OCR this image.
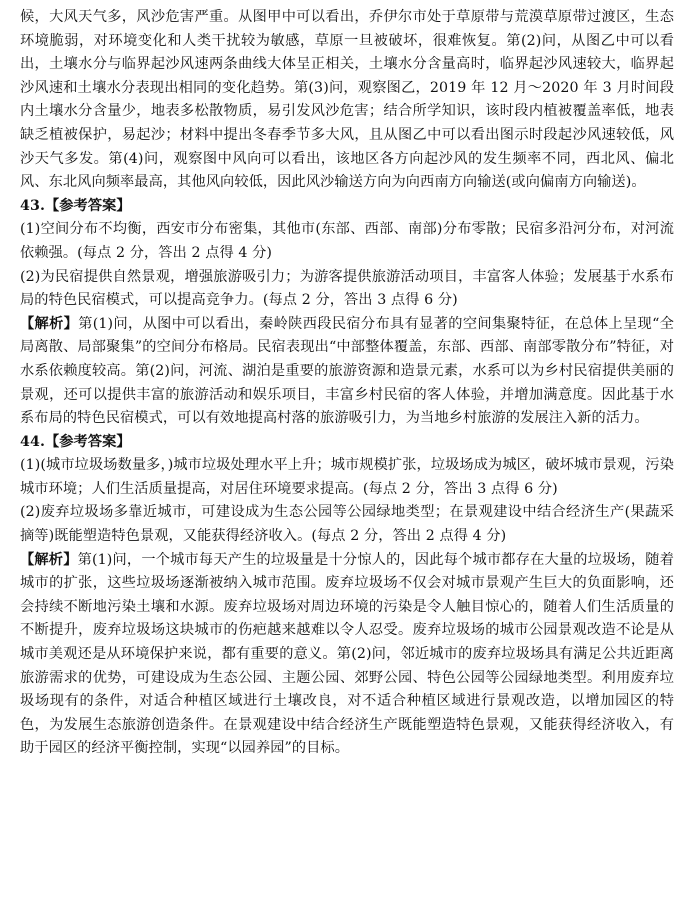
候，大风天气多，风沙危害严重。从图甲中可以看出，乔伊尔市处于草原带与荒漠草原带过渡区，生态环境脆弱，对环境变化和人类干扰较为敏感，草原一旦被破坏，很难恢复。第(2)问，从图乙中可以看出，土壤水分与临界起沙风速两条曲线大体呈正相关，土壤水分含量高时，临界起沙风速较大，临界起沙风速和土壤水分表现出相同的变化趋势。第(3)问，观察图乙，2019 年 12 月～2020 年 3 月时间段内土壤水分含量少，地表多松散物质，易引发风沙危害；结合所学知识，该时段内植被覆盖率低，地表缺乏植被保护，易起沙；材料中提出冬春季节多大风，且从图乙中可以看出图示时段起沙风速较低，风沙天气多发。第(4)问，观察图中风向可以看出，该地区各方向起沙风的发生频率不同，西北风、偏北风、东北风向频率最高，其他风向较低，因此风沙输送方向为向西南方向输送(或向偏南方向输送)。

43.【参考答案】

(1)空间分布不均衡，西安市分布密集，其他市(东部、西部、南部)分布零散；民宿多沿河分布，对河流依赖强。(每点 2 分，答出 2 点得 4 分)

(2)为民宿提供自然景观，增强旅游吸引力；为游客提供旅游活动项目，丰富客人体验；发展基于水系布局的特色民宿模式，可以提高竞争力。(每点 2 分，答出 3 点得 6 分)

【解析】第(1)问，从图中可以看出，秦岭陕西段民宿分布具有显著的空间集聚特征，在总体上呈现“全局离散、局部聚集”的空间分布格局。民宿表现出“中部整体覆盖，东部、西部、南部零散分布”特征，对水系依赖度较高。第(2)问，河流、湖泊是重要的旅游资源和造景元素，水系可以为乡村民宿提供美丽的景观，还可以提供丰富的旅游活动和娱乐项目，丰富乡村民宿的客人体验，并增加满意度。因此基于水系布局的特色民宿模式，可以有效地提高村落的旅游吸引力，为当地乡村旅游的发展注入新的活力。

44.【参考答案】

(1)(城市垃圾场数量多，)城市垃圾处理水平上升；城市规模扩张，垃圾场成为城区，破坏城市景观，污染城市环境；人们生活质量提高，对居住环境要求提高。(每点 2 分，答出 3 点得 6 分)

(2)废弃垃圾场多靠近城市，可建设成为生态公园等公园绿地类型；在景观建设中结合经济生产(果蔬采摘等)既能塑造特色景观，又能获得经济收入。(每点 2 分，答出 2 点得 4 分)

【解析】第(1)问，一个城市每天产生的垃圾量是十分惊人的，因此每个城市都存在大量的垃圾场，随着城市的扩张，这些垃圾场逐渐被纳入城市范围。废弃垃圾场不仅会对城市景观产生巨大的负面影响，还会持续不断地污染土壤和水源。废弃垃圾场对周边环境的污染是令人触目惊心的，随着人们生活质量的不断提升，废弃垃圾场这块城市的伤疤越来越难以令人忍受。废弃垃圾场的城市公园景观改造不论是从城市美观还是从环境保护来说，都有重要的意义。第(2)问，邻近城市的废弃垃圾场具有满足公共近距离旅游需求的优势，可建设成为生态公园、主题公园、郊野公园、特色公园等公园绿地类型。利用废弃垃圾场现有的条件，对适合种植区域进行土壤改良，对不适合种植区域进行景观改造，以增加园区的特色，为发展生态旅游创造条件。在景观建设中结合经济生产既能塑造特色景观，又能获得经济收入，有助于园区的经济平衡控制，实现“以园养园”的目标。
